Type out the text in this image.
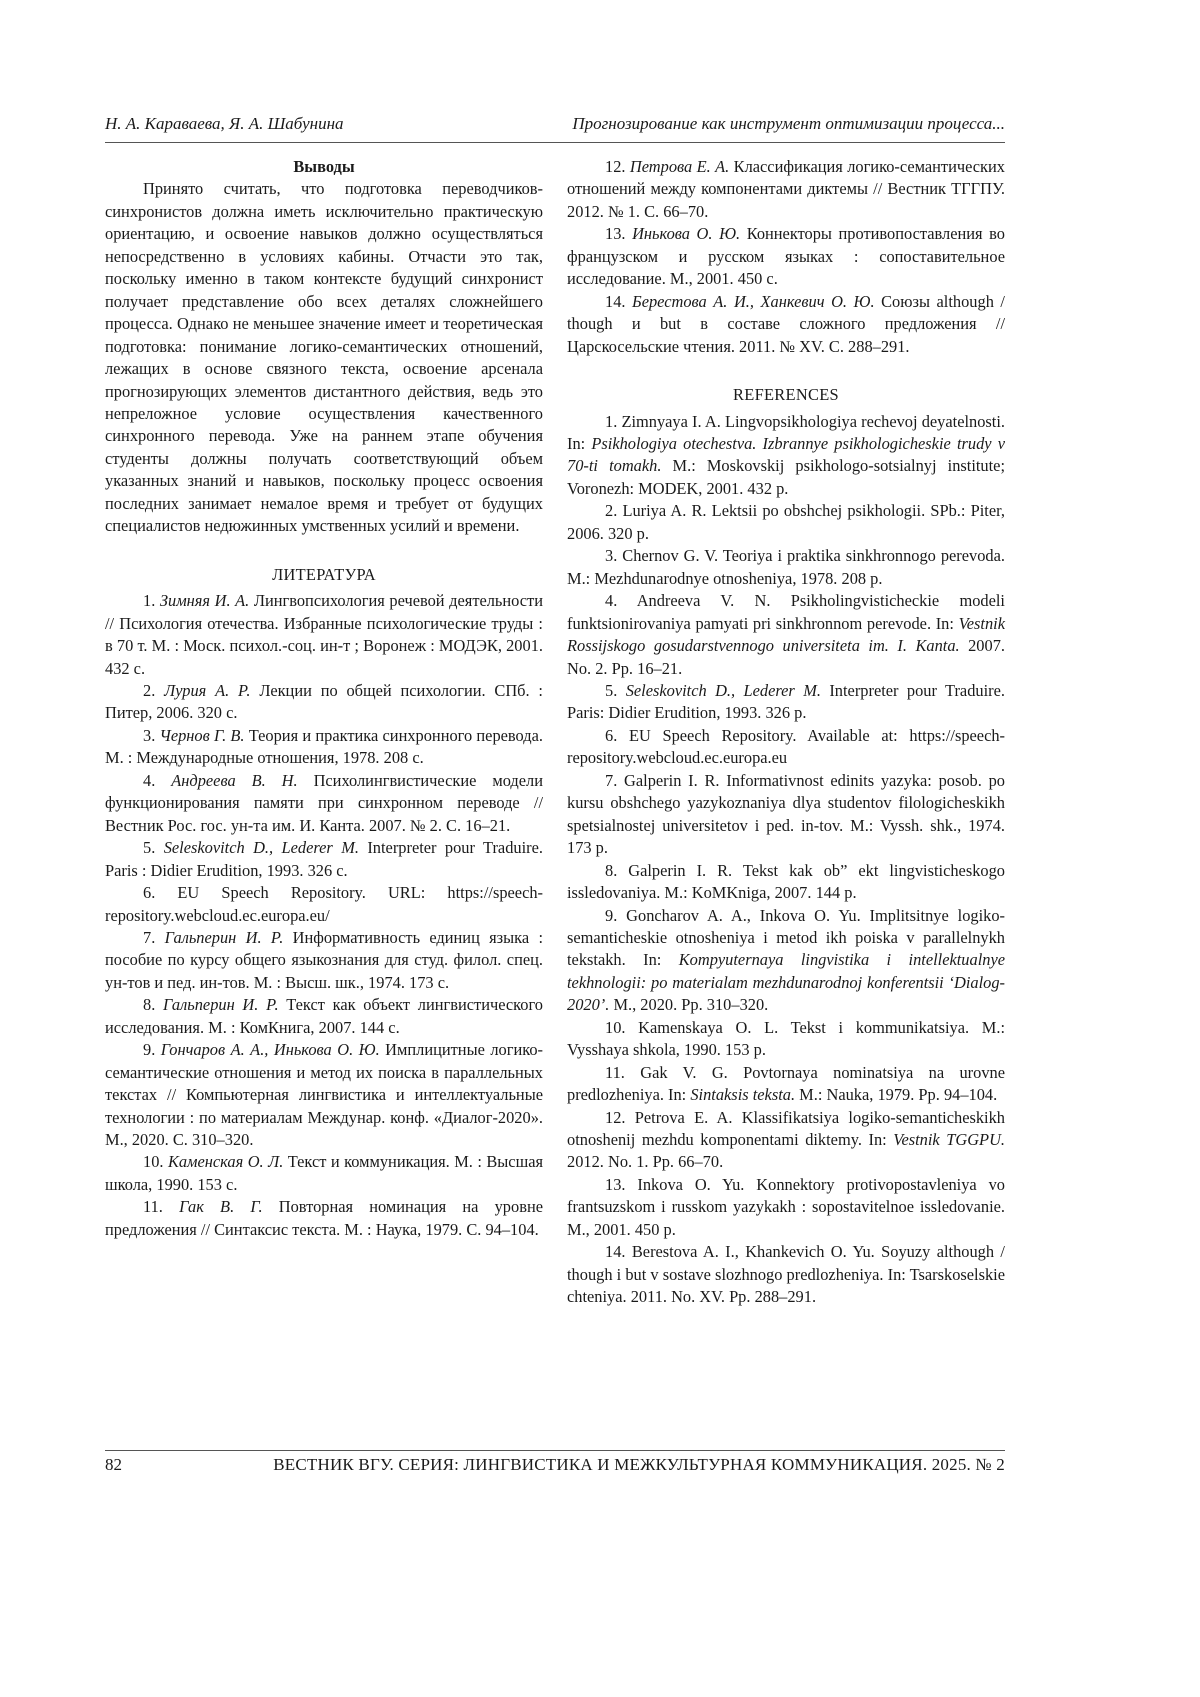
Н. А. Караваева, Я. А. Шабунина	Прогнозирование как инструмент оптимизации процесса...
Выводы

Принято считать, что подготовка переводчиков-синхронистов должна иметь исключительно практическую ориентацию, и освоение навыков должно осуществляться непосредственно в условиях кабины. Отчасти это так, поскольку именно в таком контексте будущий синхронист получает представление обо всех деталях сложнейшего процесса. Однако не меньшее значение имеет и теоретическая подготовка: понимание логико-семантических отношений, лежащих в основе связного текста, освоение арсенала прогнозирующих элементов дистантного действия, ведь это непреложное условие осуществления качественного синхронного перевода. Уже на раннем этапе обучения студенты должны получать соответствующий объем указанных знаний и навыков, поскольку процесс освоения последних занимает немалое время и требует от будущих специалистов недюжинных умственных усилий и времени.

ЛИТЕРАТУРА

1. Зимняя И. А. Лингвопсихология речевой деятельности // Психология отечества. Избранные психологические труды : в 70 т. М. : Моск. психол.-соц. ин-т ; Воронеж : МОДЭК, 2001. 432 с.

2. Лурия А. Р. Лекции по общей психологии. СПб. : Питер, 2006. 320 с.

3. Чернов Г. В. Теория и практика синхронного перевода. М. : Международные отношения, 1978. 208 с.

4. Андреева В. Н. Психолингвистические модели функционирования памяти при синхронном переводе // Вестник Рос. гос. ун-та им. И. Канта. 2007. № 2. С. 16–21.

5. Seleskovitch D., Lederer M. Interpreter pour Traduire. Paris : Didier Erudition, 1993. 326 с.

6. EU Speech Repository. URL: https://speech-repository.webcloud.ec.europa.eu/

7. Гальперин И. Р. Информативность единиц языка : пособие по курсу общего языкознания для студ. филол. спец. ун-тов и пед. ин-тов. М. : Высш. шк., 1974. 173 с.

8. Гальперин И. Р. Текст как объект лингвистического исследования. М. : КомКнига, 2007. 144 с.

9. Гончаров А. А., Инькова О. Ю. Имплицитные логико-семантические отношения и метод их поиска в параллельных текстах // Компьютерная лингвистика и интеллектуальные технологии : по материалам Междунар. конф. «Диалог-2020». М., 2020. С. 310–320.

10. Каменская О. Л. Текст и коммуникация. М. : Высшая школа, 1990. 153 с.

11. Гак В. Г. Повторная номинация на уровне предложения // Синтаксис текста. М. : Наука, 1979. С. 94–104.

12. Петрова Е. А. Классификация логико-семантических отношений между компонентами диктемы // Вестник ТГГПУ. 2012. № 1. С. 66–70.

13. Инькова О. Ю. Коннекторы противопоставления во французском и русском языках : сопоставительное исследование. М., 2001. 450 с.

14. Берестова А. И., Ханкевич О. Ю. Союзы although / though и but в составе сложного предложения // Царскосельские чтения. 2011. № XV. С. 288–291.

REFERENCES

1. Zimnyaya I. A. Lingvopsikhologiya rechevoj deyatelnosti. In: Psikhologiya otechestva. Izbrannye psikhologicheskie trudy v 70-ti tomakh. M.: Moskovskij psikhologo-sotsialnyj institute; Voronezh: MODEK, 2001. 432 p.

2. Luriya A. R. Lektsii po obshchej psikhologii. SPb.: Piter, 2006. 320 p.

3. Chernov G. V. Teoriya i praktika sinkhronnogo perevoda. M.: Mezhdunarodnye otnosheniya, 1978. 208 p.

4. Andreeva V. N. Psikholingvisticheckie modeli funktsionirovaniya pamyati pri sinkhronnom perevode. In: Vestnik Rossijskogo gosudarstvennogo universiteta im. I. Kanta. 2007. No. 2. Pp. 16–21.

5. Seleskovitch D., Lederer M. Interpreter pour Traduire. Paris: Didier Erudition, 1993. 326 p.

6. EU Speech Repository. Available at: https://speech-repository.webcloud.ec.europa.eu

7. Galperin I. R. Informativnost edinits yazyka: posob. po kursu obshchego yazykoznaniya dlya studentov filologicheskikh spetsialnostej universitetov i ped. in-tov. M.: Vyssh. shk., 1974. 173 p.

8. Galperin I. R. Tekst kak ob” ekt lingvisticheskogo issledovaniya. M.: KoMKniga, 2007. 144 p.

9. Goncharov A. A., Inkova O. Yu. Implitsitnye logiko-semanticheskie otnosheniya i metod ikh poiska v parallelnykh tekstakh. In: Kompyuternaya lingvistika i intellektualnye tekhnologii: po materialam mezhdunarodnoj konferentsii ‘Dialog-2020’. M., 2020. Pp. 310–320.

10. Kamenskaya O. L. Tekst i kommunikatsiya. M.: Vysshaya shkola, 1990. 153 p.

11. Gak V. G. Povtornaya nominatsiya na urovne predlozheniya. In: Sintaksis teksta. M.: Nauka, 1979. Pp. 94–104.

12. Petrova E. A. Klassifikatsiya logiko-semanticheskikh otnoshenij mezhdu komponentami diktemy. In: Vestnik TGGPU. 2012. No. 1. Pp. 66–70.

13. Inkova O. Yu. Konnektory protivopostavleniya vo frantsuzskom i russkom yazykakh : sopostavitelnoe issledovanie. M., 2001. 450 p.

14. Berestova A. I., Khankevich O. Yu. Soyuzy although / though i but v sostave slozhnogo predlozheniya. In: Tsarskoselskie chteniya. 2011. No. XV. Pp. 288–291.

82	ВЕСТНИК ВГУ. СЕРИЯ: ЛИНГВИСТИКА И МЕЖКУЛЬТУРНАЯ КОММУНИКАЦИЯ. 2025. № 2
